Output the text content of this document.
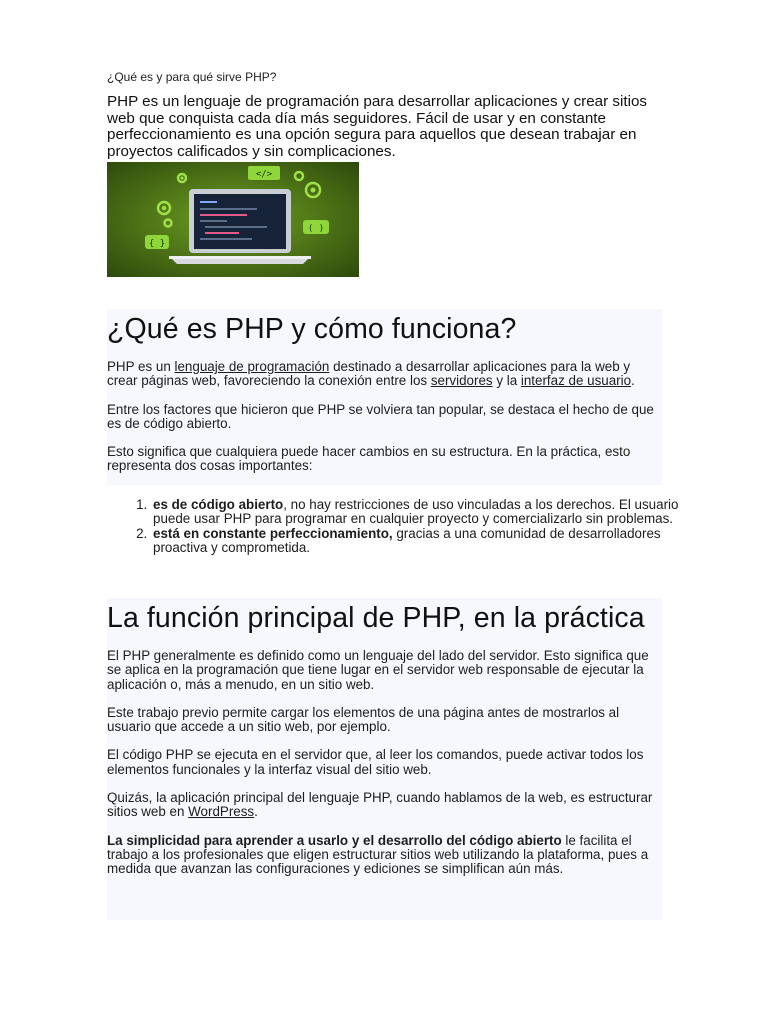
¿Qué es y para qué sirve PHP?
PHP es un lenguaje de programación para desarrollar aplicaciones y crear sitios web que conquista cada día más seguidores. Fácil de usar y en constante perfeccionamiento es una opción segura para aquellos que desean trabajar en proyectos calificados y sin complicaciones.
</>
{ }
( )
¿Qué es PHP y cómo funciona?

PHP es un lenguaje de programación destinado a desarrollar aplicaciones para la web y crear páginas web, favoreciendo la conexión entre los servidores y la interfaz de usuario.

Entre los factores que hicieron que PHP se volviera tan popular, se destaca el hecho de que es de código abierto.

Esto significa que cualquiera puede hacer cambios en su estructura. En la práctica, esto representa dos cosas importantes:

1. es de código abierto, no hay restricciones de uso vinculadas a los derechos. El usuario puede usar PHP para programar en cualquier proyecto y comercializarlo sin problemas.
2. está en constante perfeccionamiento, gracias a una comunidad de desarrolladores proactiva y comprometida.
La función principal de PHP, en la práctica

El PHP generalmente es definido como un lenguaje del lado del servidor. Esto significa que se aplica en la programación que tiene lugar en el servidor web responsable de ejecutar la aplicación o, más a menudo, en un sitio web.

Este trabajo previo permite cargar los elementos de una página antes de mostrarlos al usuario que accede a un sitio web, por ejemplo.

El código PHP se ejecuta en el servidor que, al leer los comandos, puede activar todos los elementos funcionales y la interfaz visual del sitio web.

Quizás, la aplicación principal del lenguaje PHP, cuando hablamos de la web, es estructurar sitios web en WordPress.

La simplicidad para aprender a usarlo y el desarrollo del código abierto le facilita el trabajo a los profesionales que eligen estructurar sitios web utilizando la plataforma, pues a medida que avanzan las configuraciones y ediciones se simplifican aún más.
